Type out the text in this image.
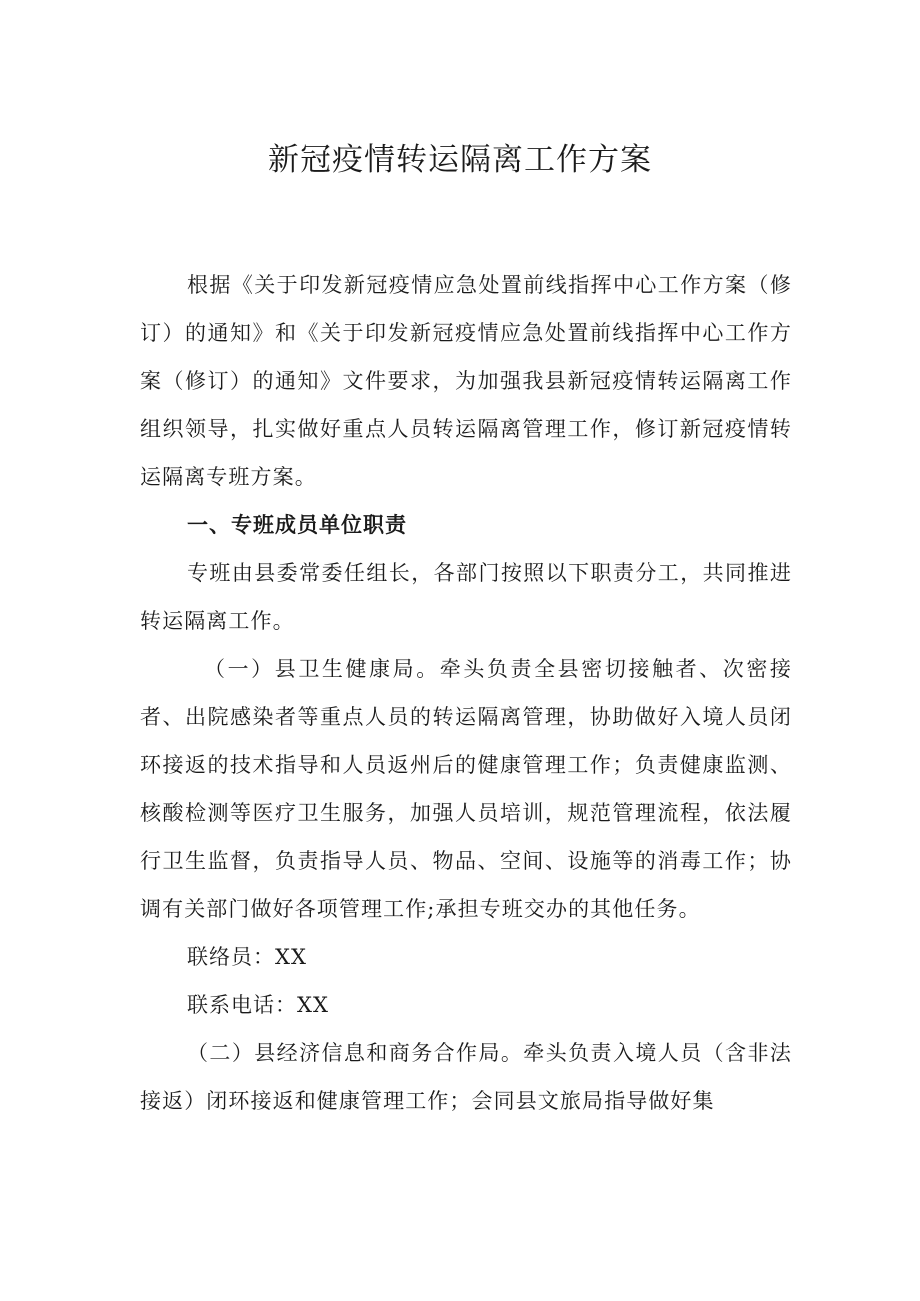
新冠疫情转运隔离工作方案

根据《关于印发新冠疫情应急处置前线指挥中心工作方案（修订）的通知》和《关于印发新冠疫情应急处置前线指挥中心工作方案（修订）的通知》文件要求，为加强我县新冠疫情转运隔离工作组织领导，扎实做好重点人员转运隔离管理工作，修订新冠疫情转运隔离专班方案。

一、专班成员单位职责

专班由县委常委任组长，各部门按照以下职责分工，共同推进转运隔离工作。

（一）县卫生健康局。牵头负责全县密切接触者、次密接者、出院感染者等重点人员的转运隔离管理，协助做好入境人员闭环接返的技术指导和人员返州后的健康管理工作；负责健康监测、核酸检测等医疗卫生服务，加强人员培训，规范管理流程，依法履行卫生监督，负责指导人员、物品、空间、设施等的消毒工作；协调有关部门做好各项管理工作;承担专班交办的其他任务。

联络员：XX

联系电话：XX

（二）县经济信息和商务合作局。牵头负责入境人员（含非法接返）闭环接返和健康管理工作；会同县文旅局指导做好集
